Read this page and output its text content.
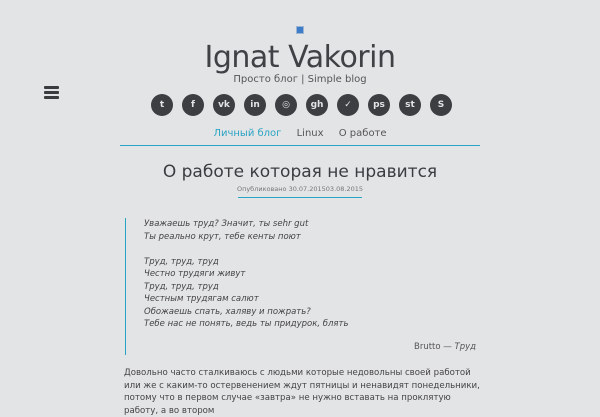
Ignat Vakorin
Просто блог | Simple blog
t	f	vk	in	◎	gh	✓	ps	st	S
Личный блог Linux О работе
О работе которая не нравится
Опубликовано 30.07.201503.08.2015
Уважаешь труд? Значит, ты sehr gut
Ты реально крут, тебе кенты поют
Труд, труд, труд
Честно трудяги живут
Труд, труд, труд
Честным трудягам салют
Обожаешь спать, халяву и пожрать?
Тебе нас не понять, ведь ты придурок, блять
Brutto — Труд
Довольно часто сталкиваюсь с людьми которые недовольны своей работой или же с каким-то остервенением ждут пятницы и ненавидят понедельники, потому что в первом случае «завтра» не нужно вставать на проклятую работу, а во втором
